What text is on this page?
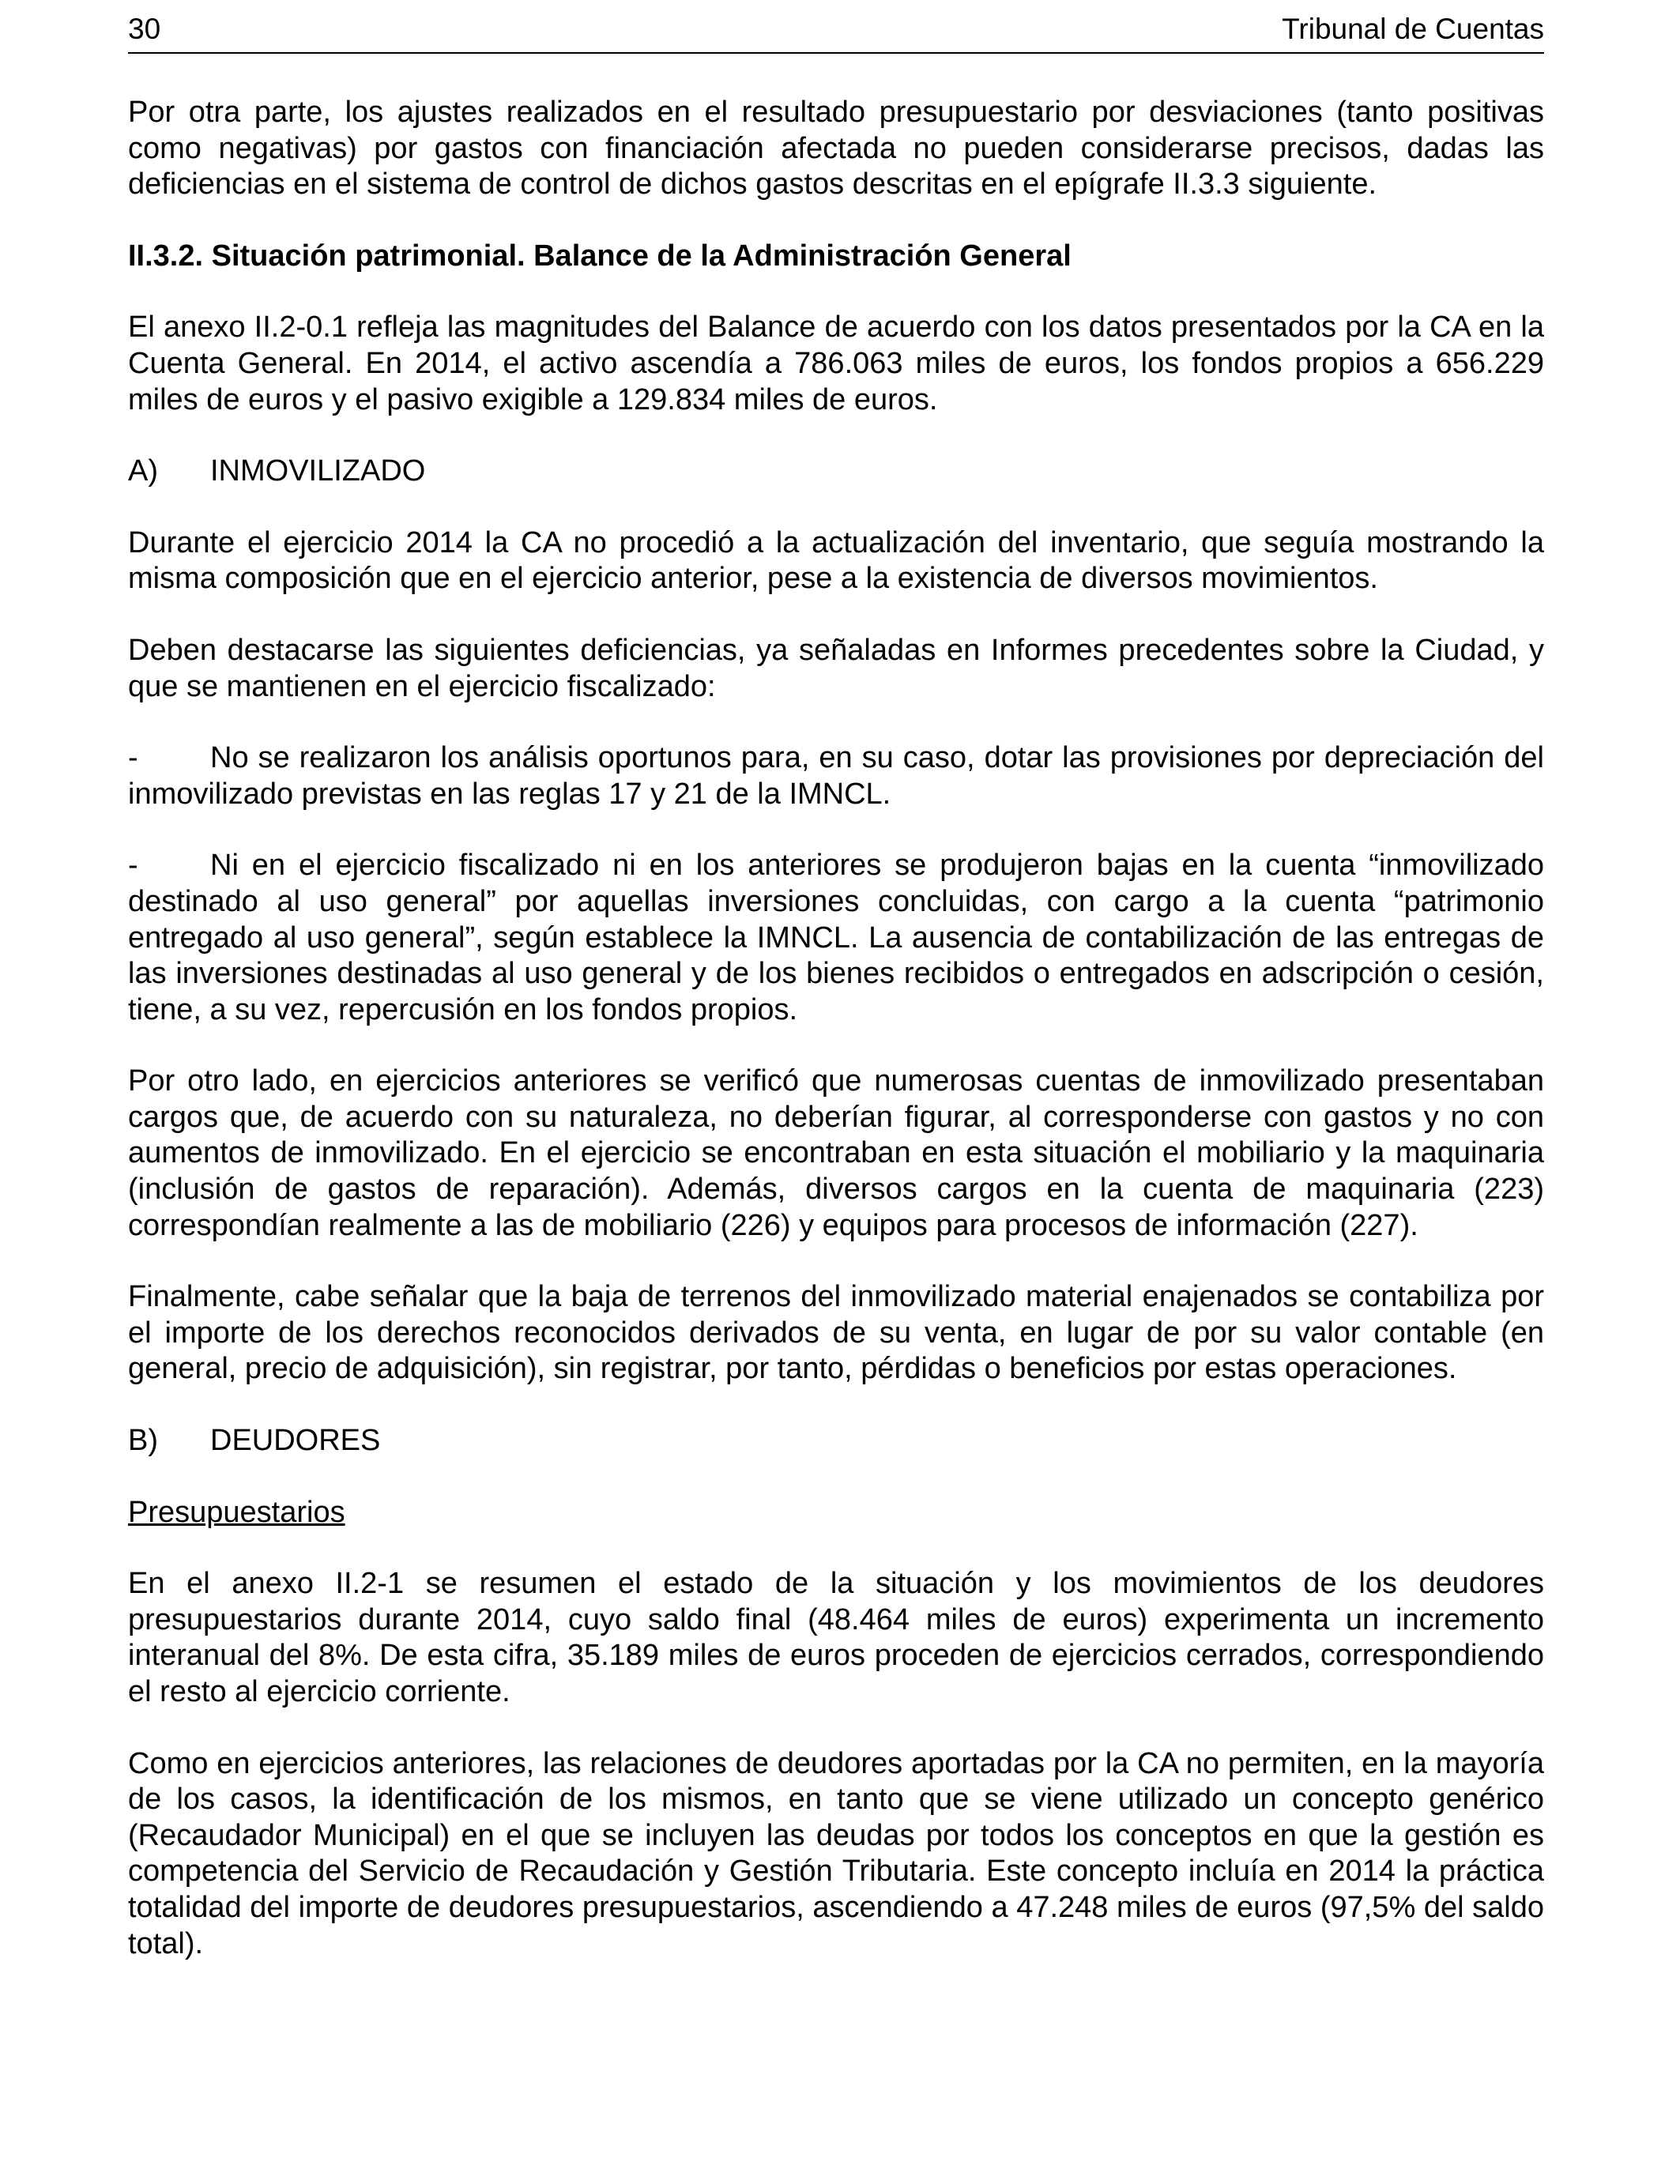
30	Tribunal de Cuentas

Por otra parte, los ajustes realizados en el resultado presupuestario por desviaciones (tanto positivas como negativas) por gastos con financiación afectada no pueden considerarse precisos, dadas las deficiencias en el sistema de control de dichos gastos descritas en el epígrafe II.3.3 siguiente.

II.3.2. Situación patrimonial. Balance de la Administración General

El anexo II.2-0.1 refleja las magnitudes del Balance de acuerdo con los datos presentados por la CA en la Cuenta General. En 2014, el activo ascendía a 786.063 miles de euros, los fondos propios a 656.229 miles de euros y el pasivo exigible a 129.834 miles de euros.

A) INMOVILIZADO

Durante el ejercicio 2014 la CA no procedió a la actualización del inventario, que seguía mostrando la misma composición que en el ejercicio anterior, pese a la existencia de diversos movimientos.

Deben destacarse las siguientes deficiencias, ya señaladas en Informes precedentes sobre la Ciudad, y que se mantienen en el ejercicio fiscalizado:

- No se realizaron los análisis oportunos para, en su caso, dotar las provisiones por depreciación del inmovilizado previstas en las reglas 17 y 21 de la IMNCL.

- Ni en el ejercicio fiscalizado ni en los anteriores se produjeron bajas en la cuenta “inmovilizado destinado al uso general” por aquellas inversiones concluidas, con cargo a la cuenta “patrimonio entregado al uso general”, según establece la IMNCL. La ausencia de contabilización de las entregas de las inversiones destinadas al uso general y de los bienes recibidos o entregados en adscripción o cesión, tiene, a su vez, repercusión en los fondos propios.

Por otro lado, en ejercicios anteriores se verificó que numerosas cuentas de inmovilizado presentaban cargos que, de acuerdo con su naturaleza, no deberían figurar, al corresponderse con gastos y no con aumentos de inmovilizado. En el ejercicio se encontraban en esta situación el mobiliario y la maquinaria (inclusión de gastos de reparación). Además, diversos cargos en la cuenta de maquinaria (223) correspondían realmente a las de mobiliario (226) y equipos para procesos de información (227).

Finalmente, cabe señalar que la baja de terrenos del inmovilizado material enajenados se contabiliza por el importe de los derechos reconocidos derivados de su venta, en lugar de por su valor contable (en general, precio de adquisición), sin registrar, por tanto, pérdidas o beneficios por estas operaciones.

B) DEUDORES
Presupuestarios

En el anexo II.2-1 se resumen el estado de la situación y los movimientos de los deudores presupuestarios durante 2014, cuyo saldo final (48.464 miles de euros) experimenta un incremento interanual del 8%. De esta cifra, 35.189 miles de euros proceden de ejercicios cerrados, correspondiendo el resto al ejercicio corriente.

Como en ejercicios anteriores, las relaciones de deudores aportadas por la CA no permiten, en la mayoría de los casos, la identificación de los mismos, en tanto que se viene utilizado un concepto genérico (Recaudador Municipal) en el que se incluyen las deudas por todos los conceptos en que la gestión es competencia del Servicio de Recaudación y Gestión Tributaria. Este concepto incluía en 2014 la práctica totalidad del importe de deudores presupuestarios, ascendiendo a 47.248 miles de euros (97,5% del saldo total).
